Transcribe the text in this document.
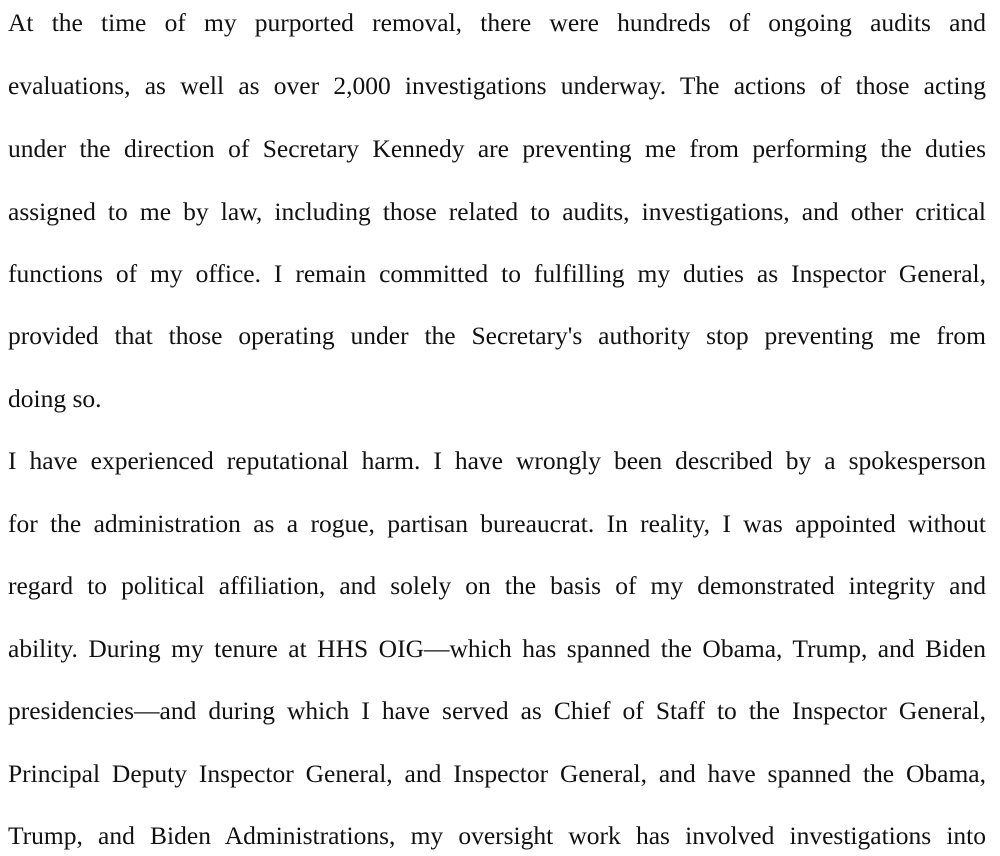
At the time of my purported removal, there were hundreds of ongoing audits and
evaluations, as well as over 2,000 investigations underway. The actions of those acting
under the direction of Secretary Kennedy are preventing me from performing the duties
assigned to me by law, including those related to audits, investigations, and other critical
functions of my office. I remain committed to fulfilling my duties as Inspector General,
provided that those operating under the Secretary's authority stop preventing me from
doing so.
I have experienced reputational harm. I have wrongly been described by a spokesperson
for the administration as a rogue, partisan bureaucrat. In reality, I was appointed without
regard to political affiliation, and solely on the basis of my demonstrated integrity and
ability. During my tenure at HHS OIG—which has spanned the Obama, Trump, and Biden
presidencies—and during which I have served as Chief of Staff to the Inspector General,
Principal Deputy Inspector General, and Inspector General, and have spanned the Obama,
Trump, and Biden Administrations, my oversight work has involved investigations into
